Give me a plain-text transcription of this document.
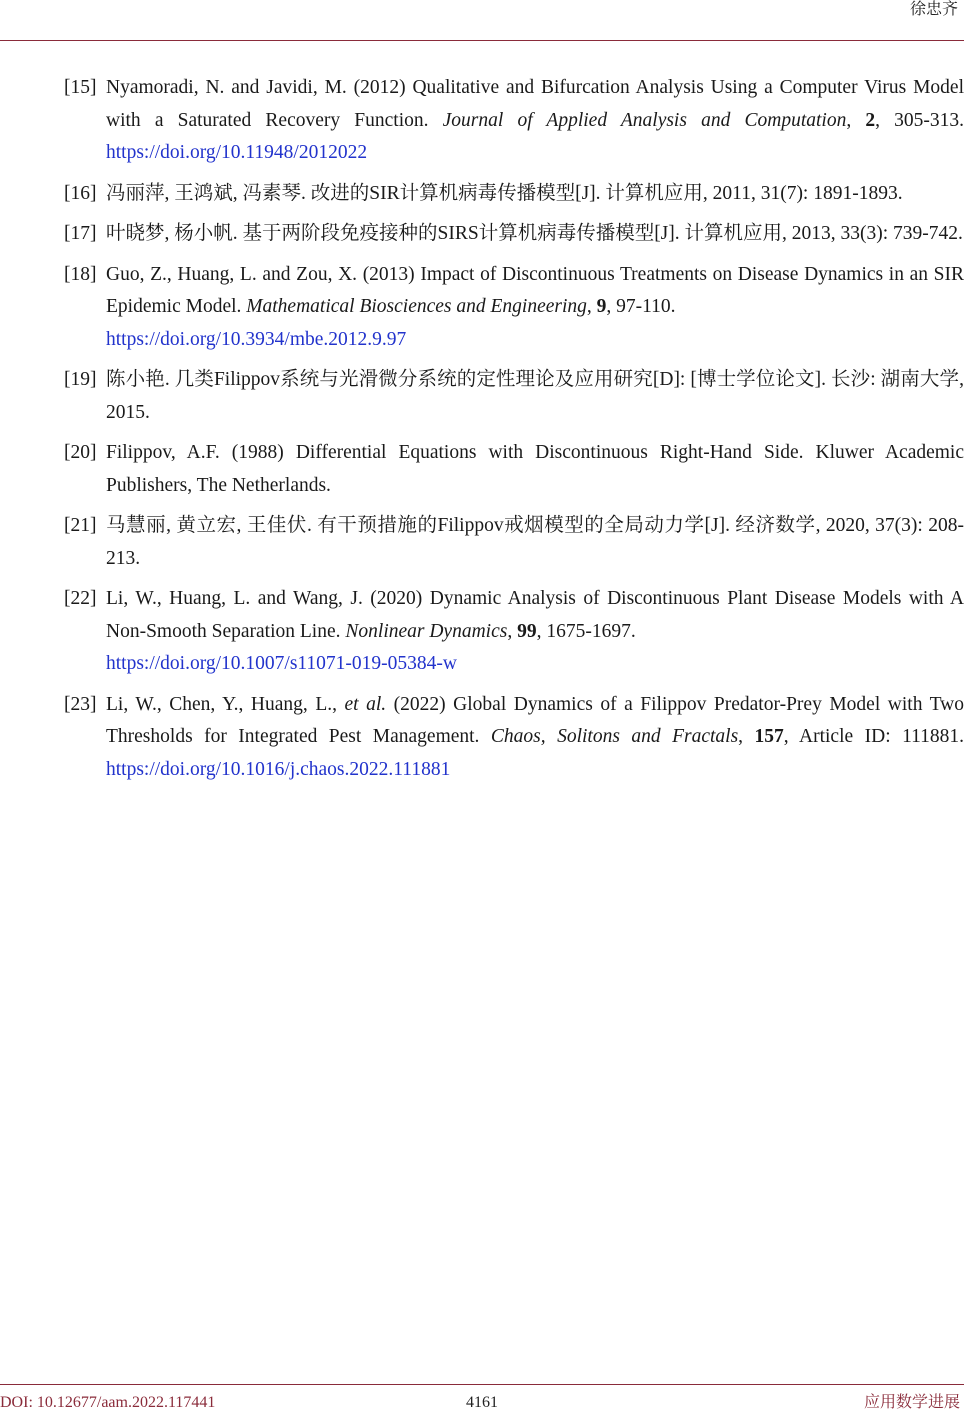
徐忠齐
[15] Nyamoradi, N. and Javidi, M. (2012) Qualitative and Bifurcation Analysis Using a Computer Virus Model with a Saturated Recovery Function. Journal of Applied Analysis and Computation, 2, 305-313. https://doi.org/10.11948/2012022
[16] 冯丽萍, 王鸿斌, 冯素琴. 改进的SIR计算机病毒传播模型[J]. 计算机应用, 2011, 31(7): 1891-1893.
[17] 叶晓梦, 杨小帆. 基于两阶段免疫接种的SIRS计算机病毒传播模型[J]. 计算机应用, 2013, 33(3): 739-742.
[18] Guo, Z., Huang, L. and Zou, X. (2013) Impact of Discontinuous Treatments on Disease Dynamics in an SIR Epidemic Model. Mathematical Biosciences and Engineering, 9, 97-110.
https://doi.org/10.3934/mbe.2012.9.97
[19] 陈小艳. 几类Filippov系统与光滑微分系统的定性理论及应用研究[D]: [博士学位论文]. 长沙: 湖南大学, 2015.
[20] Filippov, A.F. (1988) Differential Equations with Discontinuous Right-Hand Side. Kluwer Academic Publishers, The Netherlands.
[21] 马慧丽, 黄立宏, 王佳伏. 有干预措施的Filippov戒烟模型的全局动力学[J]. 经济数学, 2020, 37(3): 208-213.
[22] Li, W., Huang, L. and Wang, J. (2020) Dynamic Analysis of Discontinuous Plant Disease Models with A Non-Smooth Separation Line. Nonlinear Dynamics, 99, 1675-1697.
https://doi.org/10.1007/s11071-019-05384-w
[23] Li, W., Chen, Y., Huang, L., et al. (2022) Global Dynamics of a Filippov Predator-Prey Model with Two Thresholds for Integrated Pest Management. Chaos, Solitons and Fractals, 157, Article ID: 111881. https://doi.org/10.1016/j.chaos.2022.111881
DOI: 10.12677/aam.2022.117441	4161	应用数学进展
